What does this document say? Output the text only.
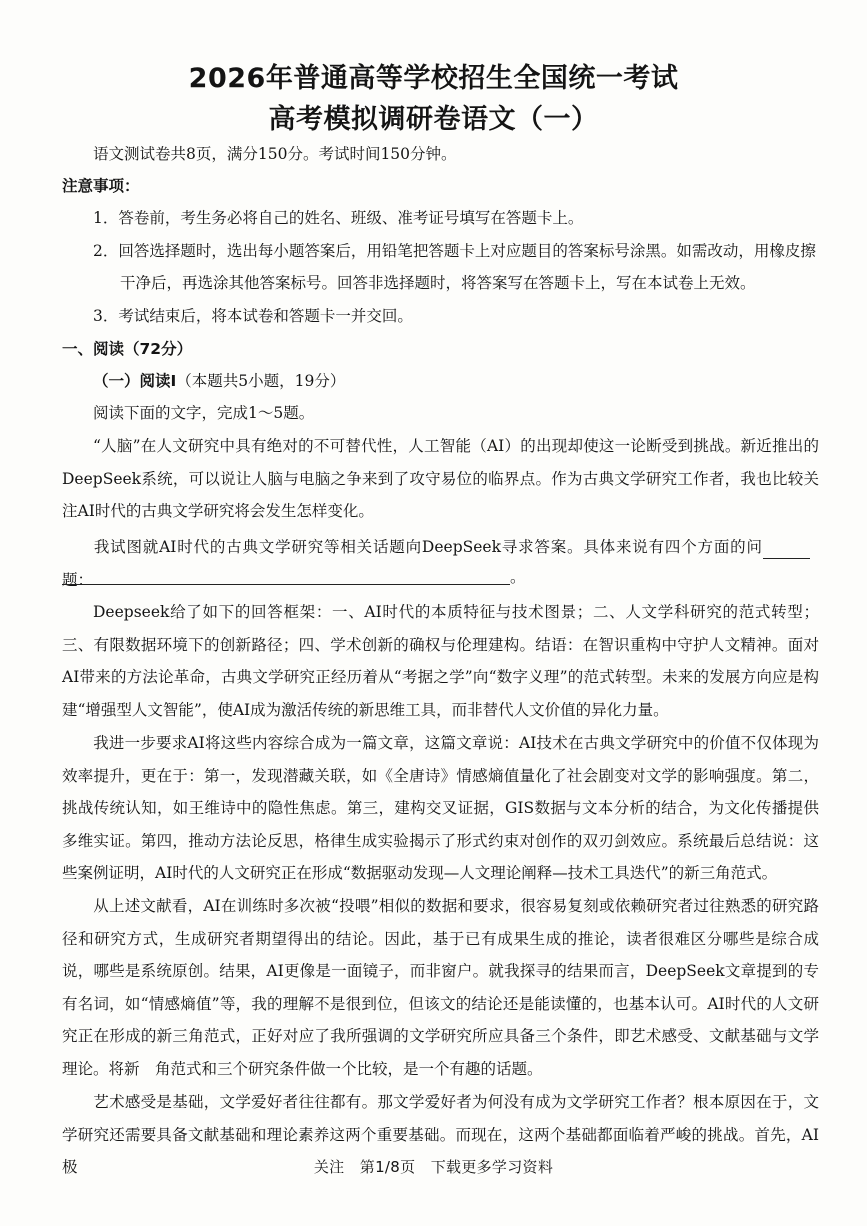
2026年普通高等学校招生全国统一考试
高考模拟调研卷语文（一）
语文测试卷共8页，满分150分。考试时间150分钟。
注意事项：
1．答卷前，考生务必将自己的姓名、班级、准考证号填写在答题卡上。
2．回答选择题时，选出每小题答案后，用铅笔把答题卡上对应题目的答案标号涂黑。如需改动，用橡皮擦
干净后，再选涂其他答案标号。回答非选择题时，将答案写在答题卡上，写在本试卷上无效。
3．考试结束后，将本试卷和答题卡一并交回。
一、阅读（72分）
（一）阅读Ⅰ（本题共5小题，19分）
阅读下面的文字，完成1～5题。
“人脑”在人文研究中具有绝对的不可替代性，人工智能（AI）的出现却使这一论断受到挑战。新近推出的DeepSeek系统，可以说让人脑与电脑之争来到了攻守易位的临界点。作为古典文学研究工作者，我也比较关注AI时代的古典文学研究将会发生怎样变化。
我试图就AI时代的古典文学研究等相关话题向DeepSeek寻求答案。具体来说有四个方面的问题：	。
Deepseek给了如下的回答框架：一、AI时代的本质特征与技术图景；二、人文学科研究的范式转型；三、有限数据环境下的创新路径；四、学术创新的确权与伦理建构。结语：在智识重构中守护人文精神。面对AI带来的方法论革命，古典文学研究正经历着从“考据之学”向“数字义理”的范式转型。未来的发展方向应是构建“增强型人文智能”，使AI成为激活传统的新思维工具，而非替代人文价值的异化力量。
我进一步要求AI将这些内容综合成为一篇文章，这篇文章说：AI技术在古典文学研究中的价值不仅体现为效率提升，更在于：第一，发现潜藏关联，如《全唐诗》情感熵值量化了社会剧变对文学的影响强度。第二，挑战传统认知，如王维诗中的隐性焦虑。第三，建构交叉证据，GIS数据与文本分析的结合，为文化传播提供多维实证。第四，推动方法论反思，格律生成实验揭示了形式约束对创作的双刃剑效应。系统最后总结说：这些案例证明，AI时代的人文研究正在形成“数据驱动发现—人文理论阐释—技术工具迭代”的新三角范式。
从上述文献看，AI在训练时多次被“投喂”相似的数据和要求，很容易复刻或依赖研究者过往熟悉的研究路径和研究方式，生成研究者期望得出的结论。因此，基于已有成果生成的推论，读者很难区分哪些是综合成说，哪些是系统原创。结果，AI更像是一面镜子，而非窗户。就我探寻的结果而言，DeepSeek文章提到的专有名词，如“情感熵值”等，我的理解不是很到位，但该文的结论还是能读懂的，也基本认可。AI时代的人文研究正在形成的新三角范式，正好对应了我所强调的文学研究所应具备三个条件，即艺术感受、文献基础与文学理论。将新　角范式和三个研究条件做一个比较，是一个有趣的话题。
艺术感受是基础，文学爱好者往往都有。那文学爱好者为何没有成为文学研究工作者？根本原因在于，文学研究还需要具备文献基础和理论素养这两个重要基础。而现在，这两个基础都面临着严峻的挑战。首先，AI极	关注　第1/8页　下载更多学习资料
